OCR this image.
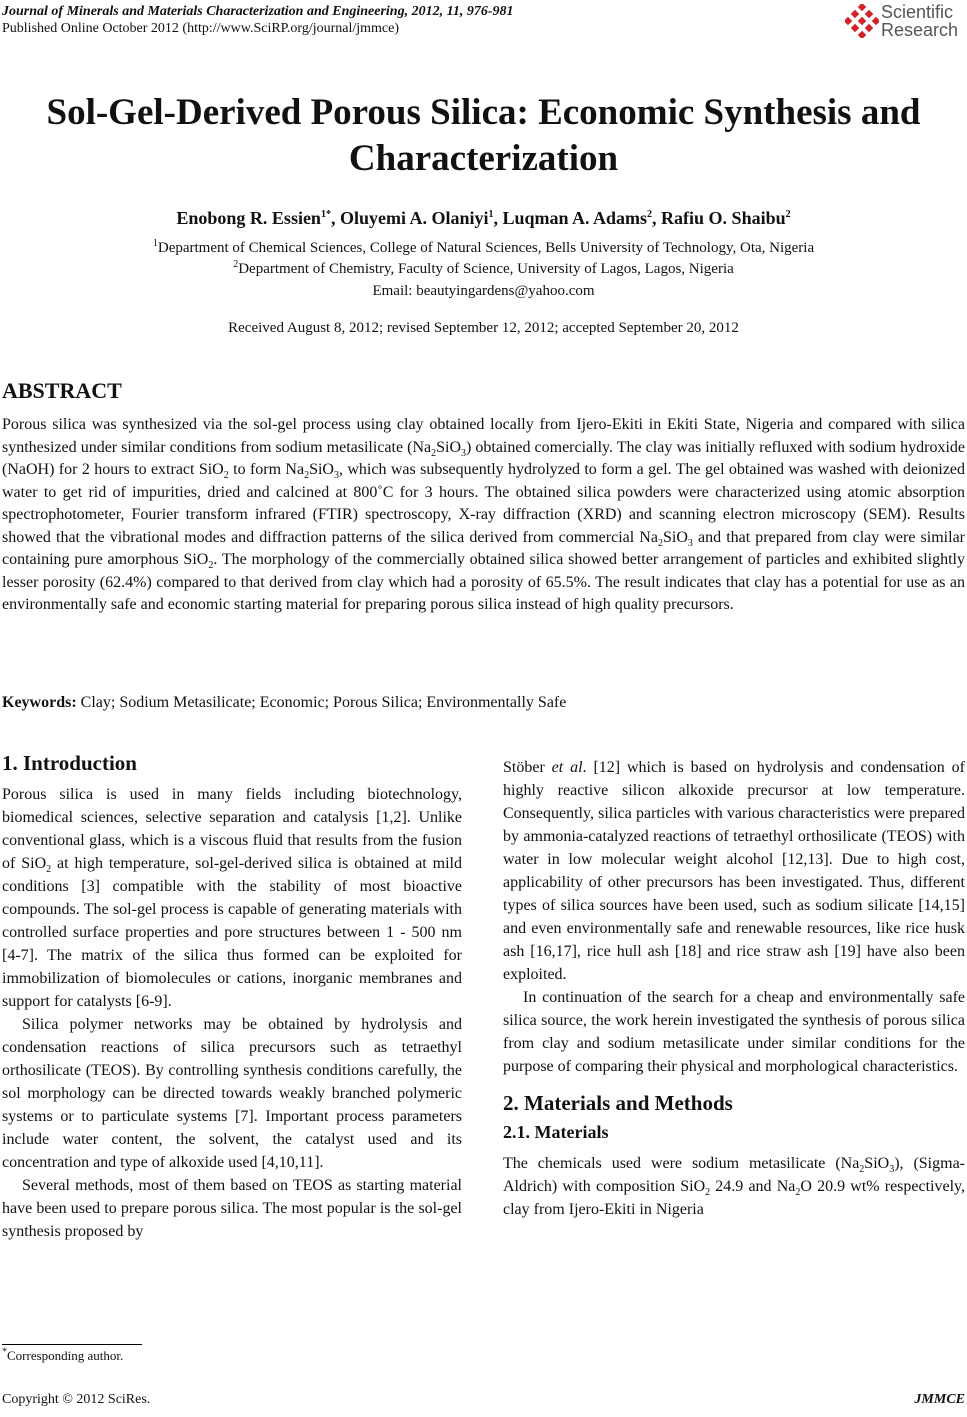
Journal of Minerals and Materials Characterization and Engineering, 2012, 11, 976-981
Published Online October 2012 (http://www.SciRP.org/journal/jmmce)
Scientific
Research
Sol-Gel-Derived Porous Silica: Economic Synthesis and
Characterization
Enobong R. Essien$^{1*}$, Oluyemi A. Olaniyi$^1$, Luqman A. Adams$^2$, Rafiu O. Shaibu$^2$
$^1$Department of Chemical Sciences, College of Natural Sciences, Bells University of Technology, Ota, Nigeria
$^2$Department of Chemistry, Faculty of Science, University of Lagos, Lagos, Nigeria
Email: beautyingardens@yahoo.com
Received August 8, 2012; revised September 12, 2012; accepted September 20, 2012
ABSTRACT
Porous silica was synthesized via the sol-gel process using clay obtained locally from Ijero-Ekiti in Ekiti State, Nigeria and compared with silica synthesized under similar conditions from sodium metasilicate $(Na_2SiO_3)$ obtained comercially. The clay was initially refluxed with sodium hydroxide (NaOH) for 2 hours to extract SiO$_2$ to form $Na_2SiO_3$, which was subsequently hydrolyzed to form a gel. The gel obtained was washed with deionized water to get rid of impurities, dried and calcined at 800˚C for 3 hours. The obtained silica powders were characterized using atomic absorption spectrophotometer, Fourier transform infrared (FTIR) spectroscopy, X-ray diffraction (XRD) and scanning electron microscopy (SEM). Results showed that the vibrational modes and diffraction patterns of the silica derived from commercial $Na_2SiO_3$ and that prepared from clay were similar containing pure amorphous SiO$_2$. The morphology of the commercially obtained silica showed better arrangement of particles and exhibited slightly lesser porosity (62.4%) compared to that derived from clay which had a porosity of 65.5%. The result indicates that clay has a potential for use as an environmentally safe and economic starting material for preparing porous silica instead of high quality precursors.
Keywords: Clay; Sodium Metasilicate; Economic; Porous Silica; Environmentally Safe
1. Introduction

Porous silica is used in many fields including biotechnology, biomedical sciences, selective separation and catalysis [1,2]. Unlike conventional glass, which is a viscous fluid that results from the fusion of SiO$_2$ at high temperature, sol-gel-derived silica is obtained at mild conditions [3] compatible with the stability of most bioactive compounds. The sol-gel process is capable of generating materials with controlled surface properties and pore structures between 1 - 500 nm [4-7]. The matrix of the silica thus formed can be exploited for immobilization of biomolecules or cations, inorganic membranes and support for catalysts [6-9].

Silica polymer networks may be obtained by hydrolysis and condensation reactions of silica precursors such as tetraethyl orthosilicate (TEOS). By controlling synthesis conditions carefully, the sol morphology can be directed towards weakly branched polymeric systems or to particulate systems [7]. Important process parameters include water content, the solvent, the catalyst used and its concentration and type of alkoxide used [4,10,11].

Several methods, most of them based on TEOS as starting material have been used to prepare porous silica. The most popular is the sol-gel synthesis proposed by

Stöber et al. [12] which is based on hydrolysis and condensation of highly reactive silicon alkoxide precursor at low temperature. Consequently, silica particles with various characteristics were prepared by ammonia-catalyzed reactions of tetraethyl orthosilicate (TEOS) with water in low molecular weight alcohol [12,13]. Due to high cost, applicability of other precursors has been investigated. Thus, different types of silica sources have been used, such as sodium silicate [14,15] and even environmentally safe and renewable resources, like rice husk ash [16,17], rice hull ash [18] and rice straw ash [19] have also been exploited.

In continuation of the search for a cheap and environmentally safe silica source, the work herein investigated the synthesis of porous silica from clay and sodium metasilicate under similar conditions for the purpose of comparing their physical and morphological characteristics.

2. Materials and Methods
2.1. Materials

The chemicals used were sodium metasilicate $(Na_2SiO_3)$, (Sigma-Aldrich) with composition SiO$_2$ 24.9 and $Na_2O$ 20.9 wt% respectively, clay from Ijero-Ekiti in Nigeria

*Corresponding author.
Copyright © 2012 SciRes.	JMMCE
